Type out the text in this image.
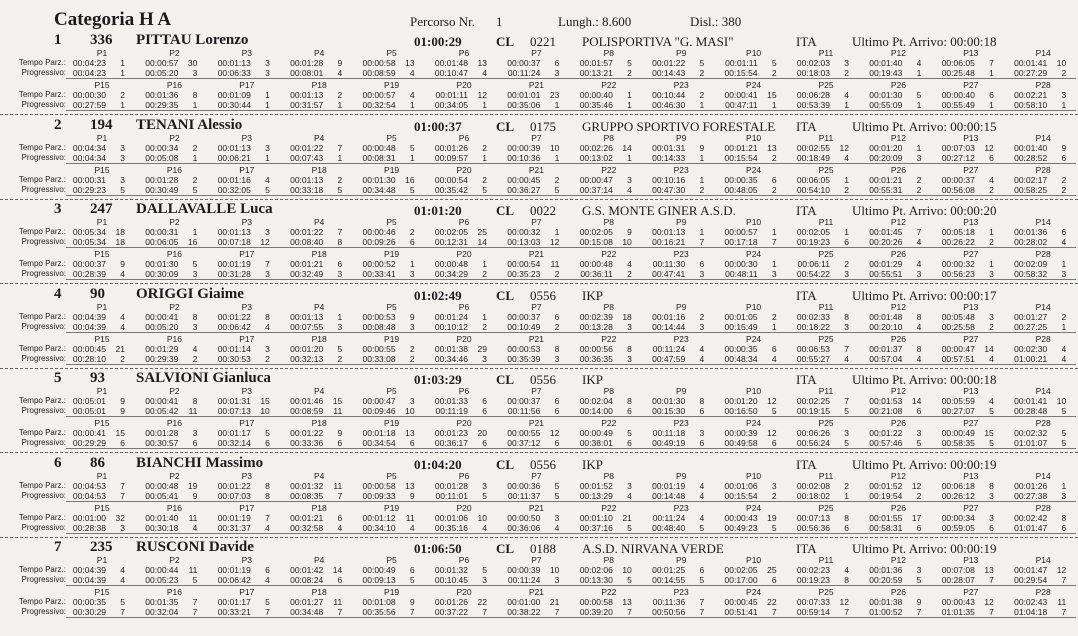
Categoria H A	Percorso Nr. 1	Lungh.: 8.600	Disl.: 380
1 336 PITTAU Lorenzo	01:00:29	CL 0221 POLISPORTIVA "G. MASI"	ITA	Ultimo Pt. Arrivo: 00:00:18
P1	P2	P3	P4	P5	P6	P7	P8	P9	P10	P11	P12	P13	P14
Tempo Parz.:
Progressivo:
00:04:23 1	00:00:57 30	00:01:13 3	00:01:28 9	00:00:58 13	00:01:48 13	00:00:37 6	00:01:57 5	00:01:22 5	00:01:11 5	00:02:03 3	00:01:40 4	00:06:05 7	00:01:41 10
00:04:23 1	00:05:20 3	00:06:33 3	00:08:01 4	00:08:59 4	00:10:47 4	00:11:24 3	00:13:21 2	00:14:43 2	00:15:54 2	00:18:03 2	00:19:43 1	00:25:48 1	00:27:29 2
P15	P16	P17	P18	P19	P20	P21	P22	P23	P24	P25	P26	P27	P28
Tempo Parz.:
Progressivo:
00:00:30 2	00:01:36 8	00:01:09 1	00:01:13 2	00:00:57 4	00:01:11 12	00:01:01 23	00:00:40 1	00:10:44 2	00:00:41 15	00:06:28 4	00:01:30 5	00:00:40 6	00:02:21 3
00:27:59 1	00:29:35 1	00:30:44 1	00:31:57 1	00:32:54 1	00:34:05 1	00:35:06 1	00:35:46 1	00:46:30 1	00:47:11 1	00:53:39 1	00:55:09 1	00:55:49 1	00:58:10 1
2 194 TENANI Alessio	01:00:37	CL 0175 GRUPPO SPORTIVO FORESTALE ITA	Ultimo Pt. Arrivo: 00:00:15
P1	P2	P3	P4	P5	P6	P7	P8	P9	P10	P11	P12	P13	P14
Tempo Parz.:
Progressivo:
00:04:34 3	00:00:34 2	00:01:13 3	00:01:22 7	00:00:48 5	00:01:26 2	00:00:39 10	00:02:26 14	00:01:31 9	00:01:21 13	00:02:55 12	00:01:20 1	00:07:03 12	00:01:40 9
00:04:34 3	00:05:08 1	00:06:21 1	00:07:43 1	00:08:31 1	00:09:57 1	00:10:36 1	00:13:02 1	00:14:33 1	00:15:54 2	00:18:49 4	00:20:09 3	00:27:12 6	00:28:52 6
P15	P16	P17	P18	P19	P20	P21	P22	P23	P24	P25	P26	P27	P28
Tempo Parz.:
Progressivo:
00:00:31 3	00:01:28 2	00:01:16 4	00:01:13 2	00:01:30 16	00:00:54 2	00:00:45 2	00:00:47 3	00:10:16 1	00:00:35 6	00:06:05 1	00:01:21 2	00:00:37 4	00:02:17 2
00:29:23 5	00:30:49 5	00:32:05 5	00:33:18 5	00:34:48 5	00:35:42 5	00:36:27 5	00:37:14 4	00:47:30 2	00:48:05 2	00:54:10 2	00:55:31 2	00:56:08 2	00:58:25 2
3 247 DALLAVALLE Luca	01:01:20	CL 0022 G.S. MONTE GINER A.S.D.	ITA	Ultimo Pt. Arrivo: 00:00:20
P1	P2	P3	P4	P5	P6	P7	P8	P9	P10	P11	P12	P13	P14
Tempo Parz.:
Progressivo:
00:05:34 18	00:00:31 1	00:01:13 3	00:01:22 7	00:00:46 2	00:02:05 25	00:00:32 1	00:02:05 9	00:01:13 1	00:00:57 1	00:02:05 1	00:01:45 7	00:05:18 1	00:01:36 6
00:05:34 18	00:06:05 16	00:07:18 12	00:08:40 8	00:09:26 6	00:12:31 14	00:13:03 12	00:15:08 10	00:16:21 7	00:17:18 7	00:19:23 6	00:20:26 4	00:26:22 2	00:28:02 4
P15	P16	P17	P18	P19	P20	P21	P22	P23	P24	P25	P26	P27	P28
Tempo Parz.:
Progressivo:
00:00:37 9	00:01:30 5	00:01:19 7	00:01:21 6	00:00:52 1	00:00:48 1	00:00:54 11	00:00:48 4	00:11:30 6	00:00:30 1	00:06:11 2	00:01:29 4	00:00:32 1	00:02:09 1
00:28:39 4	00:30:09 3	00:31:28 3	00:32:49 3	00:33:41 3	00:34:29 2	00:35:23 2	00:36:11 2	00:47:41 3	00:48:11 3	00:54:22 3	00:55:51 3	00:56:23 3	00:58:32 3
4 90 ORIGGI Giaime	01:02:49	CL 0556 IKP	ITA	Ultimo Pt. Arrivo: 00:00:17
P1	P2	P3	P4	P5	P6	P7	P8	P9	P10	P11	P12	P13	P14
Tempo Parz.:
Progressivo:
00:04:39 4	00:00:41 8	00:01:22 8	00:01:13 1	00:00:53 9	00:01:24 1	00:00:37 6	00:02:39 18	00:01:16 2	00:01:05 2	00:02:33 8	00:01:48 8	00:05:48 3	00:01:27 2
00:04:39 4	00:05:20 3	00:06:42 4	00:07:55 3	00:08:48 3	00:10:12 2	00:10:49 2	00:13:28 3	00:14:44 3	00:15:49 1	00:18:22 3	00:20:10 4	00:25:58 2	00:27:25 1
P15	P16	P17	P18	P19	P20	P21	P22	P23	P24	P25	P26	P27	P28
Tempo Parz.:
Progressivo:
00:00:45 21	00:01:29 4	00:01:14 3	00:01:20 5	00:00:55 2	00:01:38 29	00:00:53 8	00:00:56 8	00:11:24 4	00:00:35 6	00:06:53 7	00:01:37 8	00:00:47 14	00:02:30 4
00:28:10 2	00:29:39 2	00:30:53 2	00:32:13 2	00:33:08 2	00:34:46 3	00:35:39 3	00:36:35 3	00:47:59 4	00:48:34 4	00:55:27 4	00:57:04 4	00:57:51 4	01:00:21 4
5 93 SALVIONI Gianluca	01:03:29	CL 0556 IKP	ITA	Ultimo Pt. Arrivo: 00:00:18
P1	P2	P3	P4	P5	P6	P7	P8	P9	P10	P11	P12	P13	P14
Tempo Parz.:
Progressivo:
00:05:01 9	00:00:41 8	00:01:31 15	00:01:46 15	00:00:47 3	00:01:33 6	00:00:37 6	00:02:04 8	00:01:30 8	00:01:20 12	00:02:25 7	00:01:53 14	00:05:59 4	00:01:41 10
00:05:01 9	00:05:42 11	00:07:13 10	00:08:59 11	00:09:46 10	00:11:19 6	00:11:56 6	00:14:00 6	00:15:30 6	00:16:50 5	00:19:15 5	00:21:08 6	00:27:07 5	00:28:48 5
P15	P16	P17	P18	P19	P20	P21	P22	P23	P24	P25	P26	P27	P28
Tempo Parz.:
Progressivo:
00:00:41 15	00:01:28 3	00:01:17 5	00:01:22 9	00:01:18 13	00:01:23 20	00:00:55 12	00:00:49 5	00:11:18 3	00:00:39 12	00:06:26 3	00:01:22 3	00:00:49 15	00:02:32 5
00:29:29 6	00:30:57 6	00:32:14 6	00:33:36 6	00:34:54 6	00:36:17 6	00:37:12 6	00:38:01 6	00:49:19 6	00:49:58 6	00:56:24 5	00:57:46 5	00:58:35 5	01:01:07 5
6 86 BIANCHI Massimo	01:04:20	CL 0556 IKP	ITA	Ultimo Pt. Arrivo: 00:00:19
P1	P2	P3	P4	P5	P6	P7	P8	P9	P10	P11	P12	P13	P14
Tempo Parz.:
Progressivo:
00:04:53 7	00:00:48 19	00:01:22 8	00:01:32 11	00:00:58 13	00:01:28 3	00:00:36 5	00:01:52 3	00:01:19 4	00:01:06 3	00:02:08 2	00:01:52 12	00:06:18 8	00:01:26 1
00:04:53 7	00:05:41 9	00:07:03 8	00:08:35 7	00:09:33 9	00:11:01 5	00:11:37 5	00:13:29 4	00:14:48 4	00:15:54 2	00:18:02 1	00:19:54 2	00:26:12 3	00:27:38 3
P15	P16	P17	P18	P19	P20	P21	P22	P23	P24	P25	P26	P27	P28
Tempo Parz.:
Progressivo:
00:01:00 32	00:01:40 11	00:01:19 7	00:01:21 6	00:01:12 11	00:01:06 10	00:00:50 3	00:01:10 21	00:11:24 4	00:00:43 19	00:07:13 8	00:01:55 17	00:00:34 3	00:02:42 8
00:28:38 3	00:30:18 4	00:31:37 4	00:32:58 4	00:34:10 4	00:35:16 4	00:36:06 4	00:37:16 5	00:48:40 5	00:49:23 5	00:56:36 6	00:58:31 6	00:59:05 6	01:01:47 6
7 235 RUSCONI Davide	01:06:50	CL 0188 A.S.D. NIRVANA VERDE	ITA	Ultimo Pt. Arrivo: 00:00:19
P1	P2	P3	P4	P5	P6	P7	P8	P9	P10	P11	P12	P13	P14
Tempo Parz.:
Progressivo:
00:04:39 4	00:00:44 11	00:01:19 6	00:01:42 14	00:00:49 6	00:01:32 5	00:00:39 10	00:02:06 10	00:01:25 6	00:02:05 25	00:02:23 4	00:01:36 3	00:07:08 13	00:01:47 12
00:04:39 4	00:05:23 5	00:06:42 4	00:08:24 6	00:09:13 5	00:10:45 3	00:11:24 3	00:13:30 5	00:14:55 5	00:17:00 6	00:19:23 8	00:20:59 5	00:28:07 7	00:29:54 7
P15	P16	P17	P18	P19	P20	P21	P22	P23	P24	P25	P26	P27	P28
Tempo Parz.:
Progressivo:
00:00:35 5	00:01:35 7	00:01:17 5	00:01:27 11	00:01:08 9	00:01:26 22	00:01:00 21	00:00:58 13	00:11:36 7	00:00:45 22	00:07:33 12	00:01:38 9	00:00:43 12	00:02:43 11
00:30:29 7	00:32:04 7	00:33:21 7	00:34:48 7	00:35:56 7	00:37:22 7	00:38:22 7	00:39:20 7	00:50:56 7	00:51:41 7	00:59:14 7	01:00:52 7	01:01:35 7	01:04:18 7
